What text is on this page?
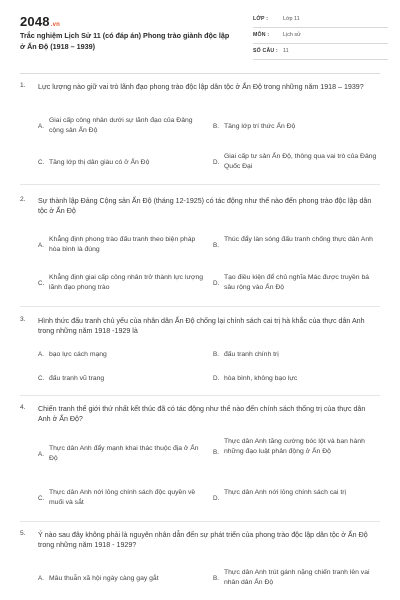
2048.vn
Trắc nghiệm Lịch Sử 11 (có đáp án) Phong trào giành độc lập ở Ấn Độ (1918 – 1939)
LỚP :	Lớp 11
MÔN :	Lịch sử
SỐ CÂU : 11
1. Lực lượng nào giữ vai trò lãnh đạo phong trào độc lập dân tộc ở Ấn Độ trong những năm 1918 – 1939?
A.
Giai cấp công nhân dưới sự lãnh đạo của Đảng cộng sản Ấn Độ
B. Tầng lớp trí thức Ấn Độ
C. Tầng lớp thị dân giàu có ở Ấn Độ	D.
Giai cấp tư sản Ấn Độ, thông qua vai trò của Đảng Quốc Đại
2. Sự thành lập Đảng Cộng sản Ấn Độ (tháng 12-1925) có tác động như thế nào đến phong trào độc lập dân tộc ở Ấn Độ
A.
Khẳng định phong trào đấu tranh theo biện pháp hòa bình là đúng
B.
Thúc đẩy làn sóng đấu tranh chống thực dân Anh
C.
Khẳng định giai cấp công nhân trở thành lực lượng lãnh đạo phong trào
D.
Tạo điều kiện để chủ nghĩa Mác được truyền bá sâu rộng vào Ấn Độ
3. Hình thức đấu tranh chủ yếu của nhân dân Ấn Độ chống lại chính sách cai trị hà khắc của thực dân Anh trong những năm 1918 -1929 là
A. bạo lực cách mạng	B. đấu tranh chính trị
C. đấu tranh vũ trang	D. hòa bình, không bạo lực
4. Chiến tranh thế giới thứ nhất kết thúc đã có tác động như thế nào đến chính sách thống trị của thực dân Anh ở Ấn Độ?
A.
Thực dân Anh đẩy mạnh khai thác thuộc địa ở Ấn Độ
B.
Thực dân Anh tăng cường bóc lột và ban hành những đạo luật phản động ở Ấn Độ
C.
Thực dân Anh nới lỏng chính sách độc quyền về muối và sắt
D.
Thực dân Anh nới lỏng chính sách cai trị
5. Ý nào sau đây không phải là nguyên nhân dẫn đến sự phát triển của phong trào độc lập dân tộc ở Ấn Độ trong những năm 1918 - 1929?
A. Mâu thuẫn xã hội ngày càng gay gắt	B.
Thực dân Anh trút gánh nặng chiến tranh lên vai nhân dân Ấn Độ
